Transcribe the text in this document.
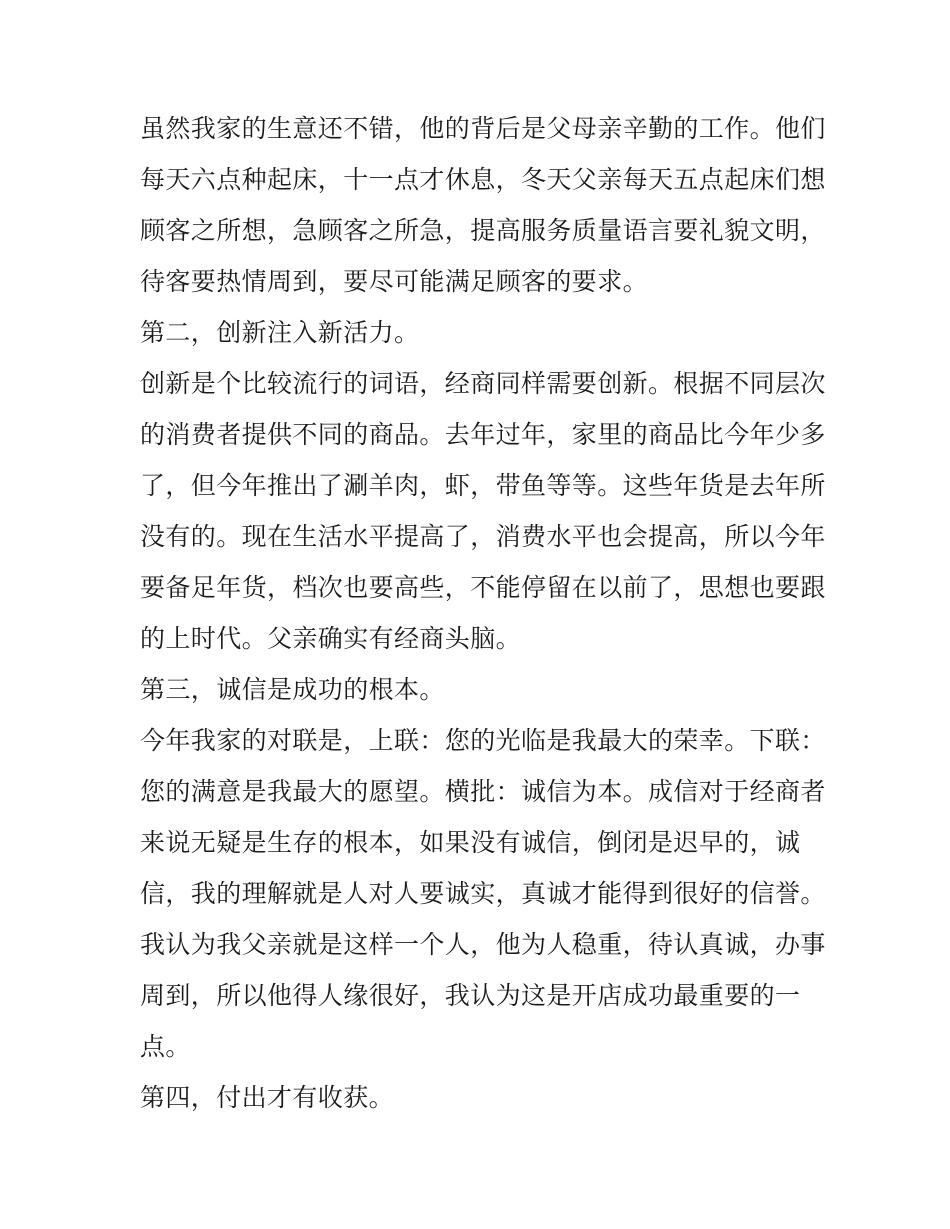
虽然我家的生意还不错，他的背后是父母亲辛勤的工作。他们
每天六点种起床，十一点才休息，冬天父亲每天五点起床们想
顾客之所想，急顾客之所急，提高服务质量语言要礼貌文明，
待客要热情周到，要尽可能满足顾客的要求。
第二，创新注入新活力。
创新是个比较流行的词语，经商同样需要创新。根据不同层次
的消费者提供不同的商品。去年过年，家里的商品比今年少多
了，但今年推出了涮羊肉，虾，带鱼等等。这些年货是去年所
没有的。现在生活水平提高了，消费水平也会提高，所以今年
要备足年货，档次也要高些，不能停留在以前了，思想也要跟
的上时代。父亲确实有经商头脑。
第三，诚信是成功的根本。
今年我家的对联是，上联：您的光临是我最大的荣幸。下联：
您的满意是我最大的愿望。横批：诚信为本。成信对于经商者
来说无疑是生存的根本，如果没有诚信，倒闭是迟早的，诚
信，我的理解就是人对人要诚实，真诚才能得到很好的信誉。
我认为我父亲就是这样一个人，他为人稳重，待认真诚，办事
周到，所以他得人缘很好，我认为这是开店成功最重要的一
点。
第四，付出才有收获。
